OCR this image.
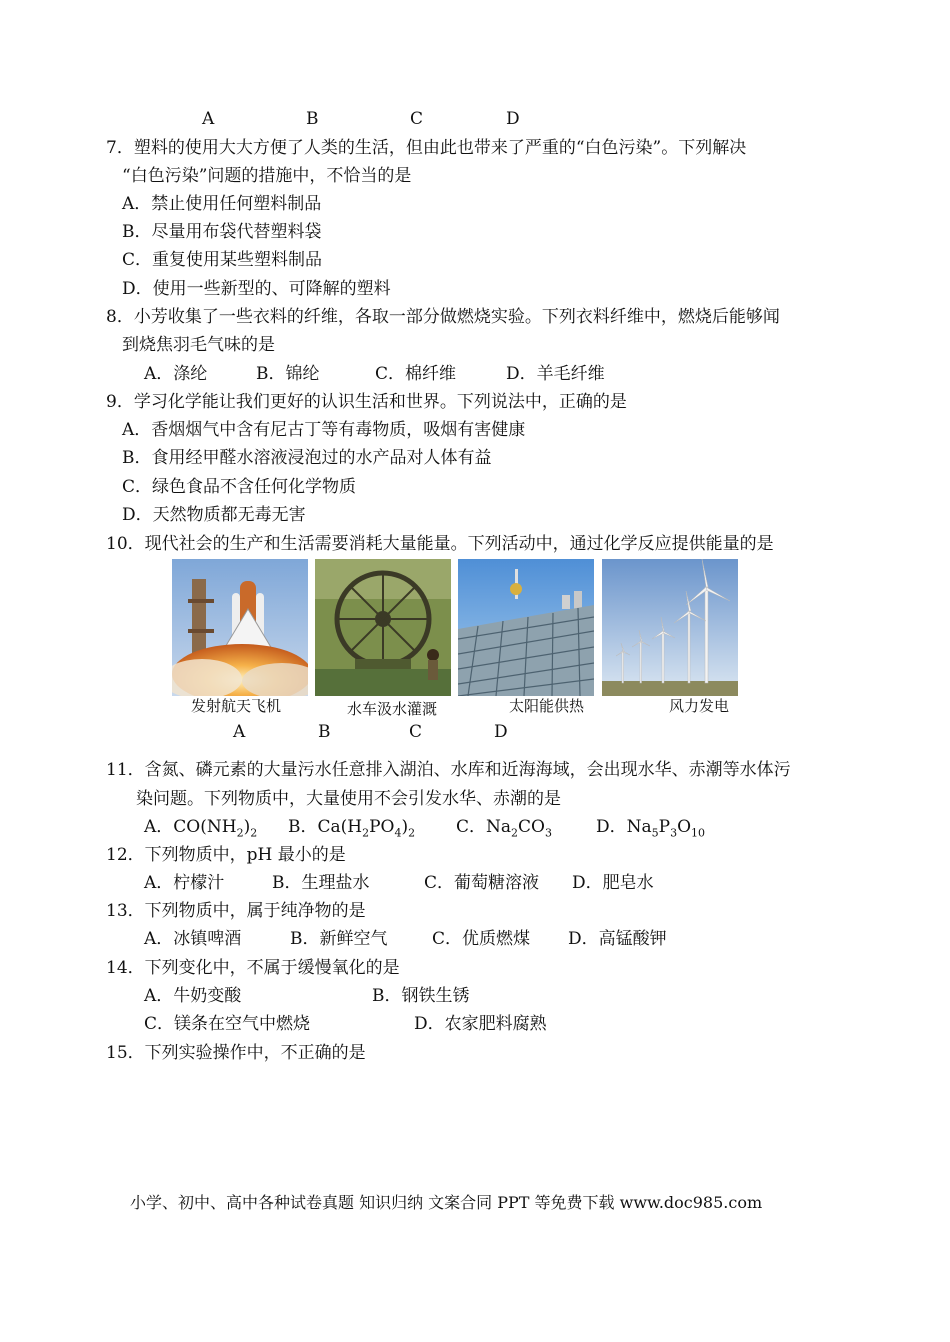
A	B	C	D
7．塑料的使用大大方便了人类的生活，但由此也带来了严重的“白色污染”。下列解决
“白色污染”问题的措施中，不恰当的是
A．禁止使用任何塑料制品
B．尽量用布袋代替塑料袋
C．重复使用某些塑料制品
D．使用一些新型的、可降解的塑料
8．小芳收集了一些衣料的纤维，各取一部分做燃烧实验。下列衣料纤维中，燃烧后能够闻
到烧焦羽毛气味的是
A．涤纶	B．锦纶	C．棉纤维	D．羊毛纤维
9．学习化学能让我们更好的认识生活和世界。下列说法中，正确的是
A．香烟烟气中含有尼古丁等有毒物质，吸烟有害健康
B．食用经甲醛水溶液浸泡过的水产品对人体有益
C．绿色食品不含任何化学物质
D．天然物质都无毒无害
10．现代社会的生产和生活需要消耗大量能量。下列活动中，通过化学反应提供能量的是
发射航天飞机	水车汲水灌溉	太阳能供热	风力发电
A	B	C	D
11．含氮、磷元素的大量污水任意排入湖泊、水库和近海海域，会出现水华、赤潮等水体污
染问题。下列物质中，大量使用不会引发水华、赤潮的是
A．$CO(NH_2)_2$ B．$Ca(H_2PO_4)_2$ C．$Na_2CO_3$	D．$Na_5P_3O_{10}$
12．下列物质中，pH 最小的是
A．柠檬汁	B．生理盐水	C．葡萄糖溶液 D．肥皂水
13．下列物质中，属于纯净物的是
A．冰镇啤酒	B．新鲜空气	C．优质燃煤 D．高锰酸钾
14．下列变化中，不属于缓慢氧化的是
A．牛奶变酸	B．钢铁生锈
C．镁条在空气中燃烧	D．农家肥料腐熟
15．下列实验操作中，不正确的是
小学、初中、高中各种试卷真题 知识归纳 文案合同 PPT 等免费下载 www.doc985.com
